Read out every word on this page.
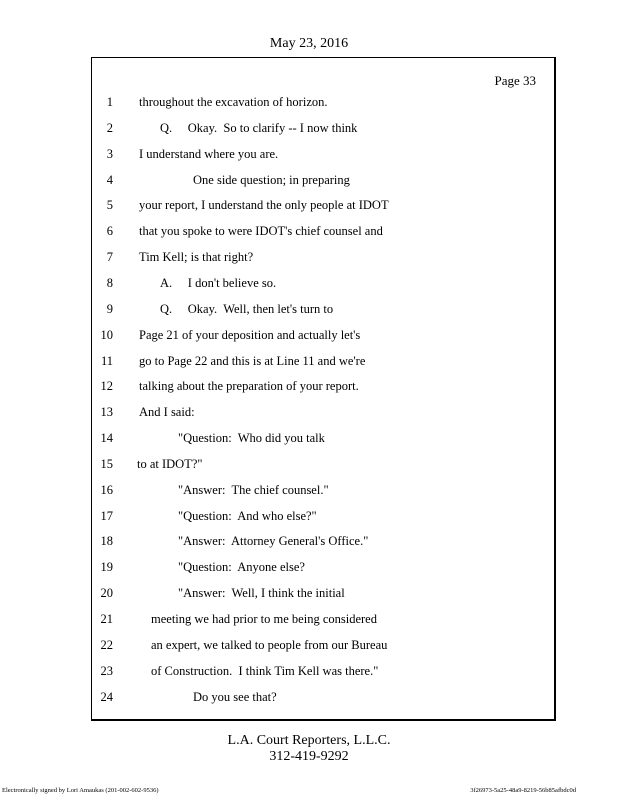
May 23, 2016
Page 33
1 throughout the excavation of horizon.
2	Q.     Okay.  So to clarify -- I now think
3 I understand where you are.
4	One side question; in preparing
5 your report, I understand the only people at IDOT
6 that you spoke to were IDOT's chief counsel and
7 Tim Kell; is that right?
8	A.     I don't believe so.
9	Q.     Okay.  Well, then let's turn to
10 Page 21 of your deposition and actually let's
11 go to Page 22 and this is at Line 11 and we're
12 talking about the preparation of your report.
13 And I said:
14	"Question:  Who did you talk
15 to at IDOT?"
16	"Answer:  The chief counsel."
17	"Question:  And who else?"
18	"Answer:  Attorney General's Office."
19	"Question:  Anyone else?
20	"Answer:  Well, I think the initial
21	meeting we had prior to me being considered
22	an expert, we talked to people from our Bureau
23	of Construction.  I think Tim Kell was there."
24	Do you see that?
L.A. Court Reporters, L.L.C.
312-419-9292
Electronically signed by Lori Amaukas (201-002-602-9536)	3f26973-5a25-48a9-8219-56b85afbdc0d
